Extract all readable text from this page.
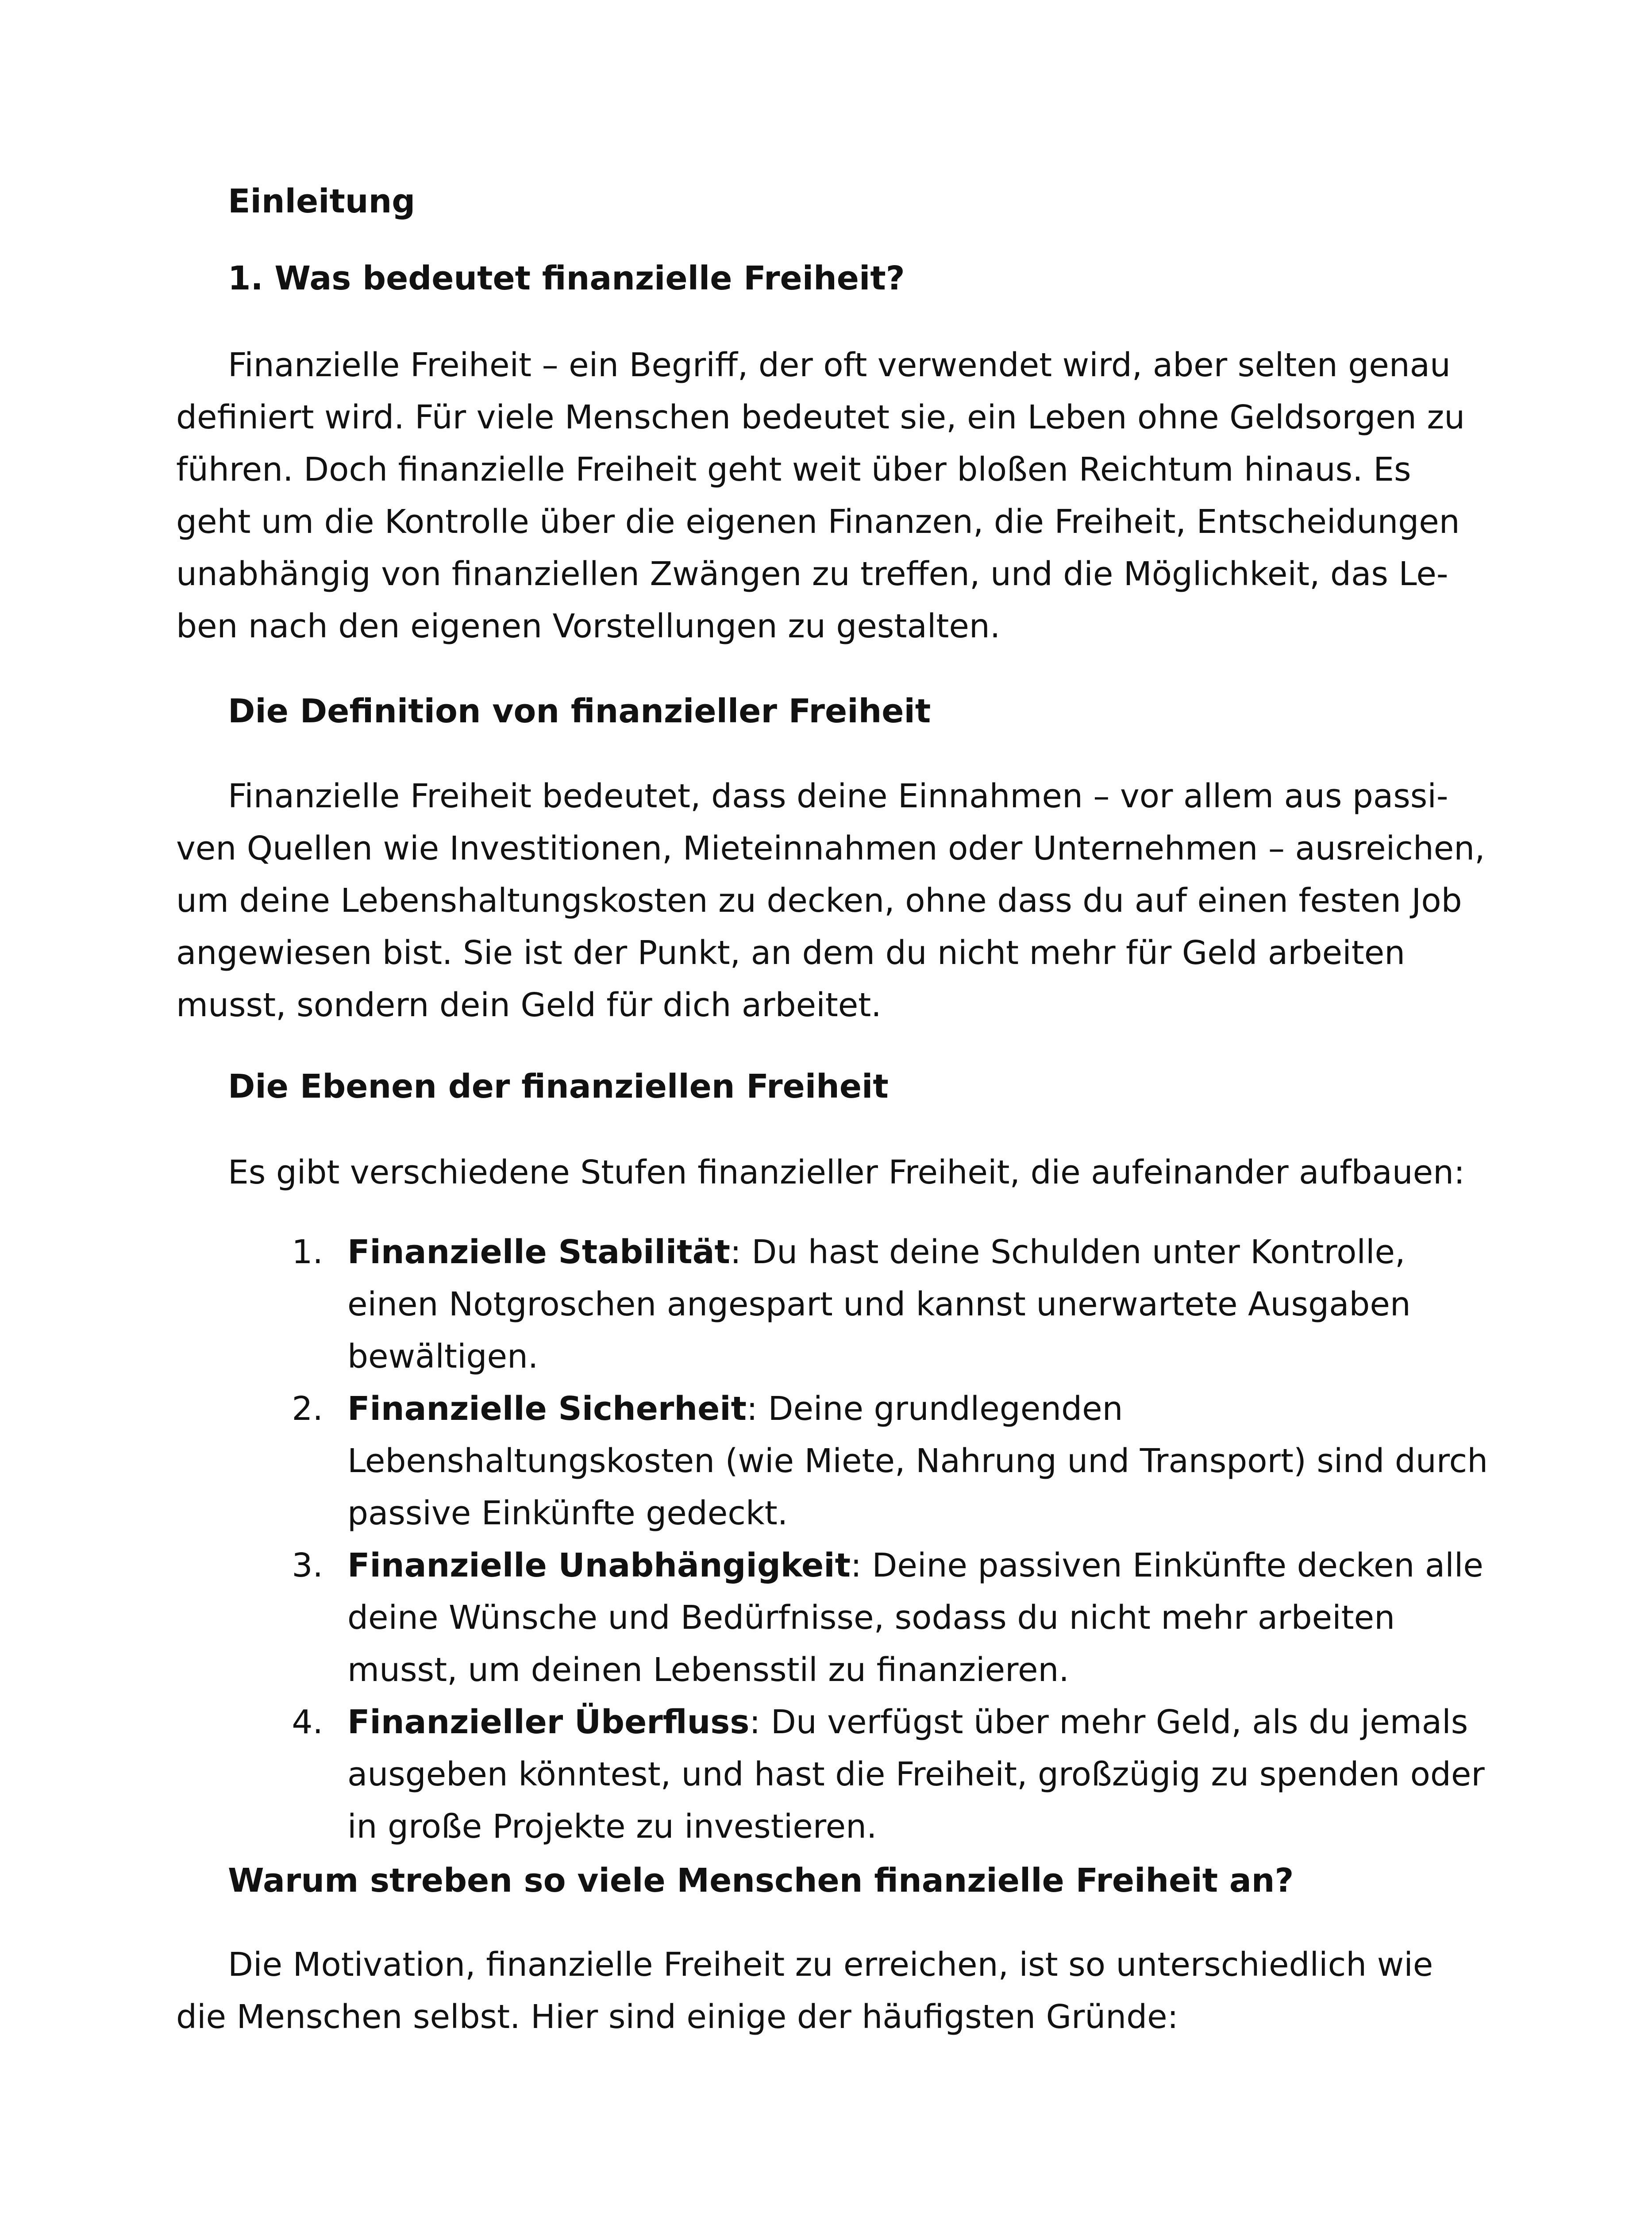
Einleitung
1. Was bedeutet finanzielle Freiheit?

Finanzielle Freiheit – ein Begriff, der oft verwendet wird, aber selten genau definiert wird. Für viele Menschen bedeutet sie, ein Leben ohne Geldsorgen zu führen. Doch finanzielle Freiheit geht weit über bloßen Reichtum hinaus. Es geht um die Kontrolle über die eigenen Finanzen, die Freiheit, Entscheidungen unabhängig von finanziellen Zwängen zu treffen, und die Möglichkeit, das Leben nach den eigenen Vorstellungen zu gestalten.

Die Definition von finanzieller Freiheit

Finanzielle Freiheit bedeutet, dass deine Einnahmen – vor allem aus passiven Quellen wie Investitionen, Mieteinnahmen oder Unternehmen – ausreichen, um deine Lebenshaltungskosten zu decken, ohne dass du auf einen festen Job angewiesen bist. Sie ist der Punkt, an dem du nicht mehr für Geld arbeiten musst, sondern dein Geld für dich arbeitet.

Die Ebenen der finanziellen Freiheit

Es gibt verschiedene Stufen finanzieller Freiheit, die aufeinander aufbauen:

1. Finanzielle Stabilität: Du hast deine Schulden unter Kontrolle, einen Notgroschen angespart und kannst unerwartete Ausgaben bewältigen.
2. Finanzielle Sicherheit: Deine grundlegenden Lebenshaltungskosten (wie Miete, Nahrung und Transport) sind durch passive Einkünfte gedeckt.
3. Finanzielle Unabhängigkeit: Deine passiven Einkünfte decken alle deine Wünsche und Bedürfnisse, sodass du nicht mehr arbeiten musst, um deinen Lebensstil zu finanzieren.
4. Finanzieller Überfluss: Du verfügst über mehr Geld, als du jemals ausgeben könntest, und hast die Freiheit, großzügig zu spenden oder in große Projekte zu investieren.
Warum streben so viele Menschen finanzielle Freiheit an?

Die Motivation, finanzielle Freiheit zu erreichen, ist so unterschiedlich wie die Menschen selbst. Hier sind einige der häufigsten Gründe:
